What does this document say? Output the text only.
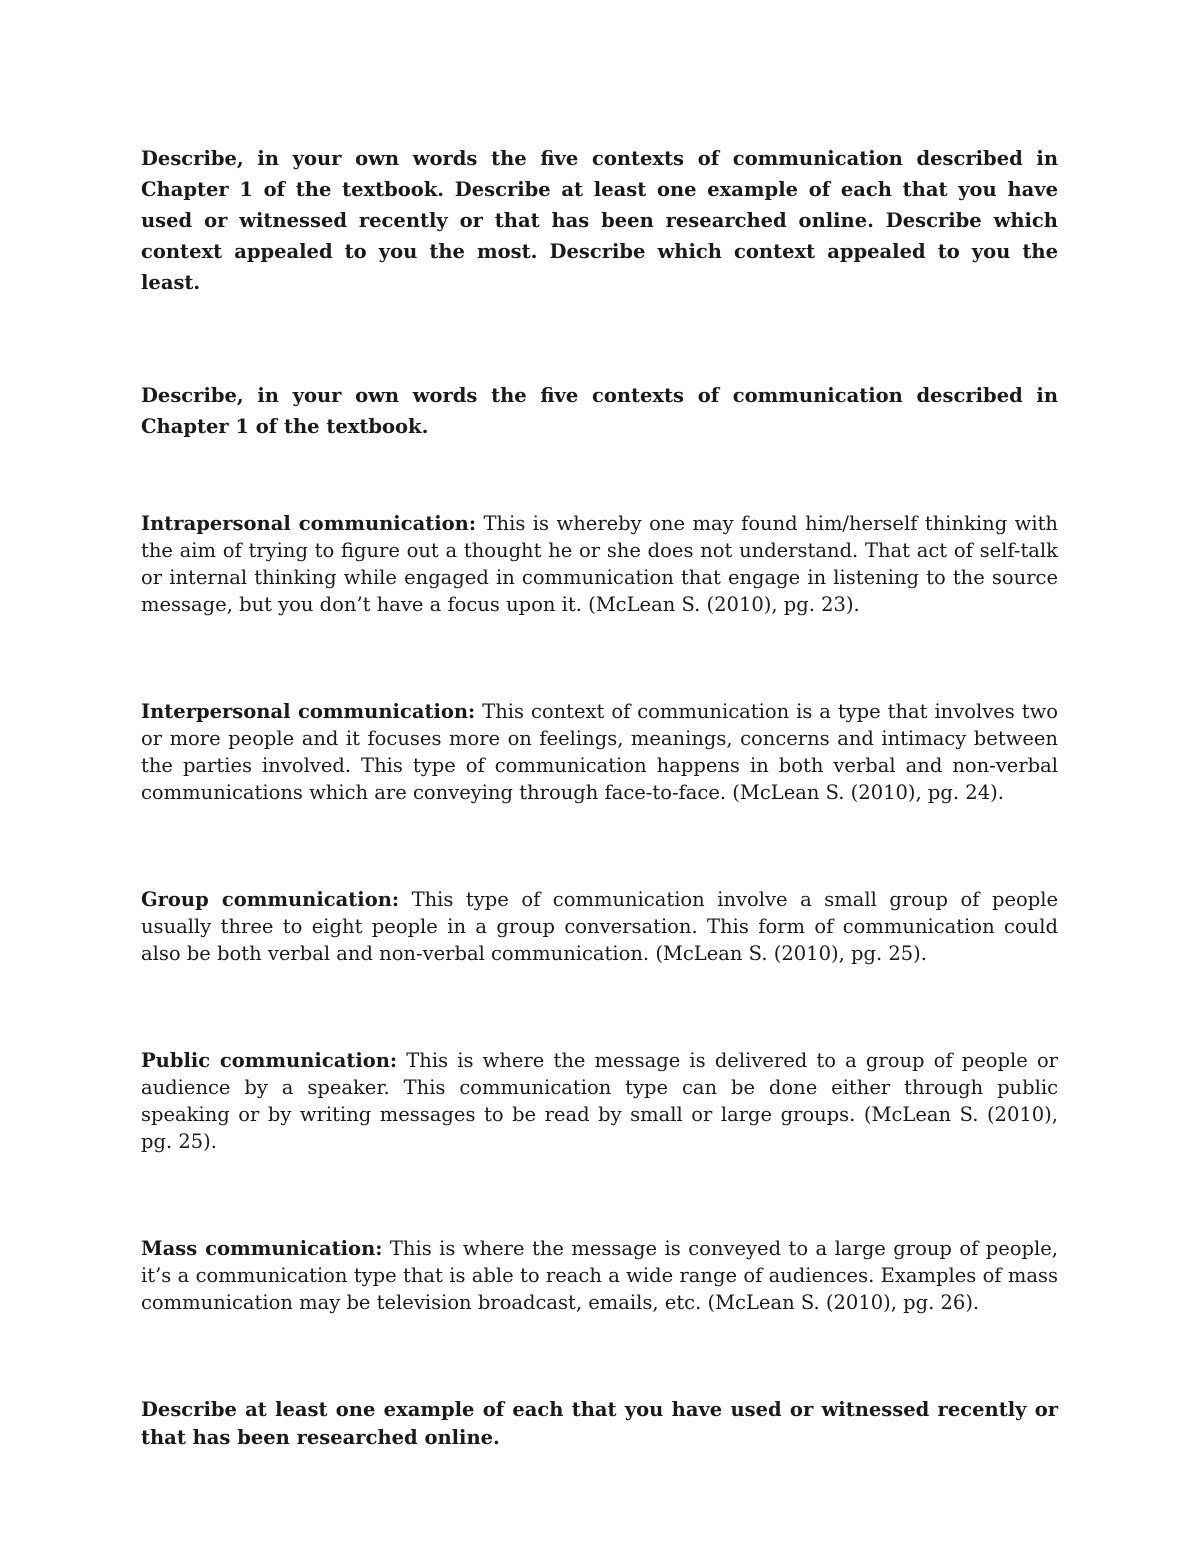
Describe, in your own words the five contexts of communication described in Chapter 1 of the textbook. Describe at least one example of each that you have used or witnessed recently or that has been researched online. Describe which context appealed to you the most. Describe which context appealed to you the least.

Describe, in your own words the five contexts of communication described in Chapter 1 of the textbook.

Intrapersonal communication: This is whereby one may found him/herself thinking with the aim of trying to figure out a thought he or she does not understand. That act of self-talk or internal thinking while engaged in communication that engage in listening to the source message, but you don’t have a focus upon it. (McLean S. (2010), pg. 23).

Interpersonal communication: This context of communication is a type that involves two or more people and it focuses more on feelings, meanings, concerns and intimacy between the parties involved. This type of communication happens in both verbal and non-verbal communications which are conveying through face-to-face. (McLean S. (2010), pg. 24).

Group communication: This type of communication involve a small group of people usually three to eight people in a group conversation. This form of communication could also be both verbal and non-verbal communication. (McLean S. (2010), pg. 25).

Public communication: This is where the message is delivered to a group of people or audience by a speaker. This communication type can be done either through public speaking or by writing messages to be read by small or large groups. (McLean S. (2010), pg. 25).

Mass communication: This is where the message is conveyed to a large group of people, it’s a communication type that is able to reach a wide range of audiences. Examples of mass communication may be television broadcast, emails, etc. (McLean S. (2010), pg. 26).

Describe at least one example of each that you have used or witnessed recently or that has been researched online.
